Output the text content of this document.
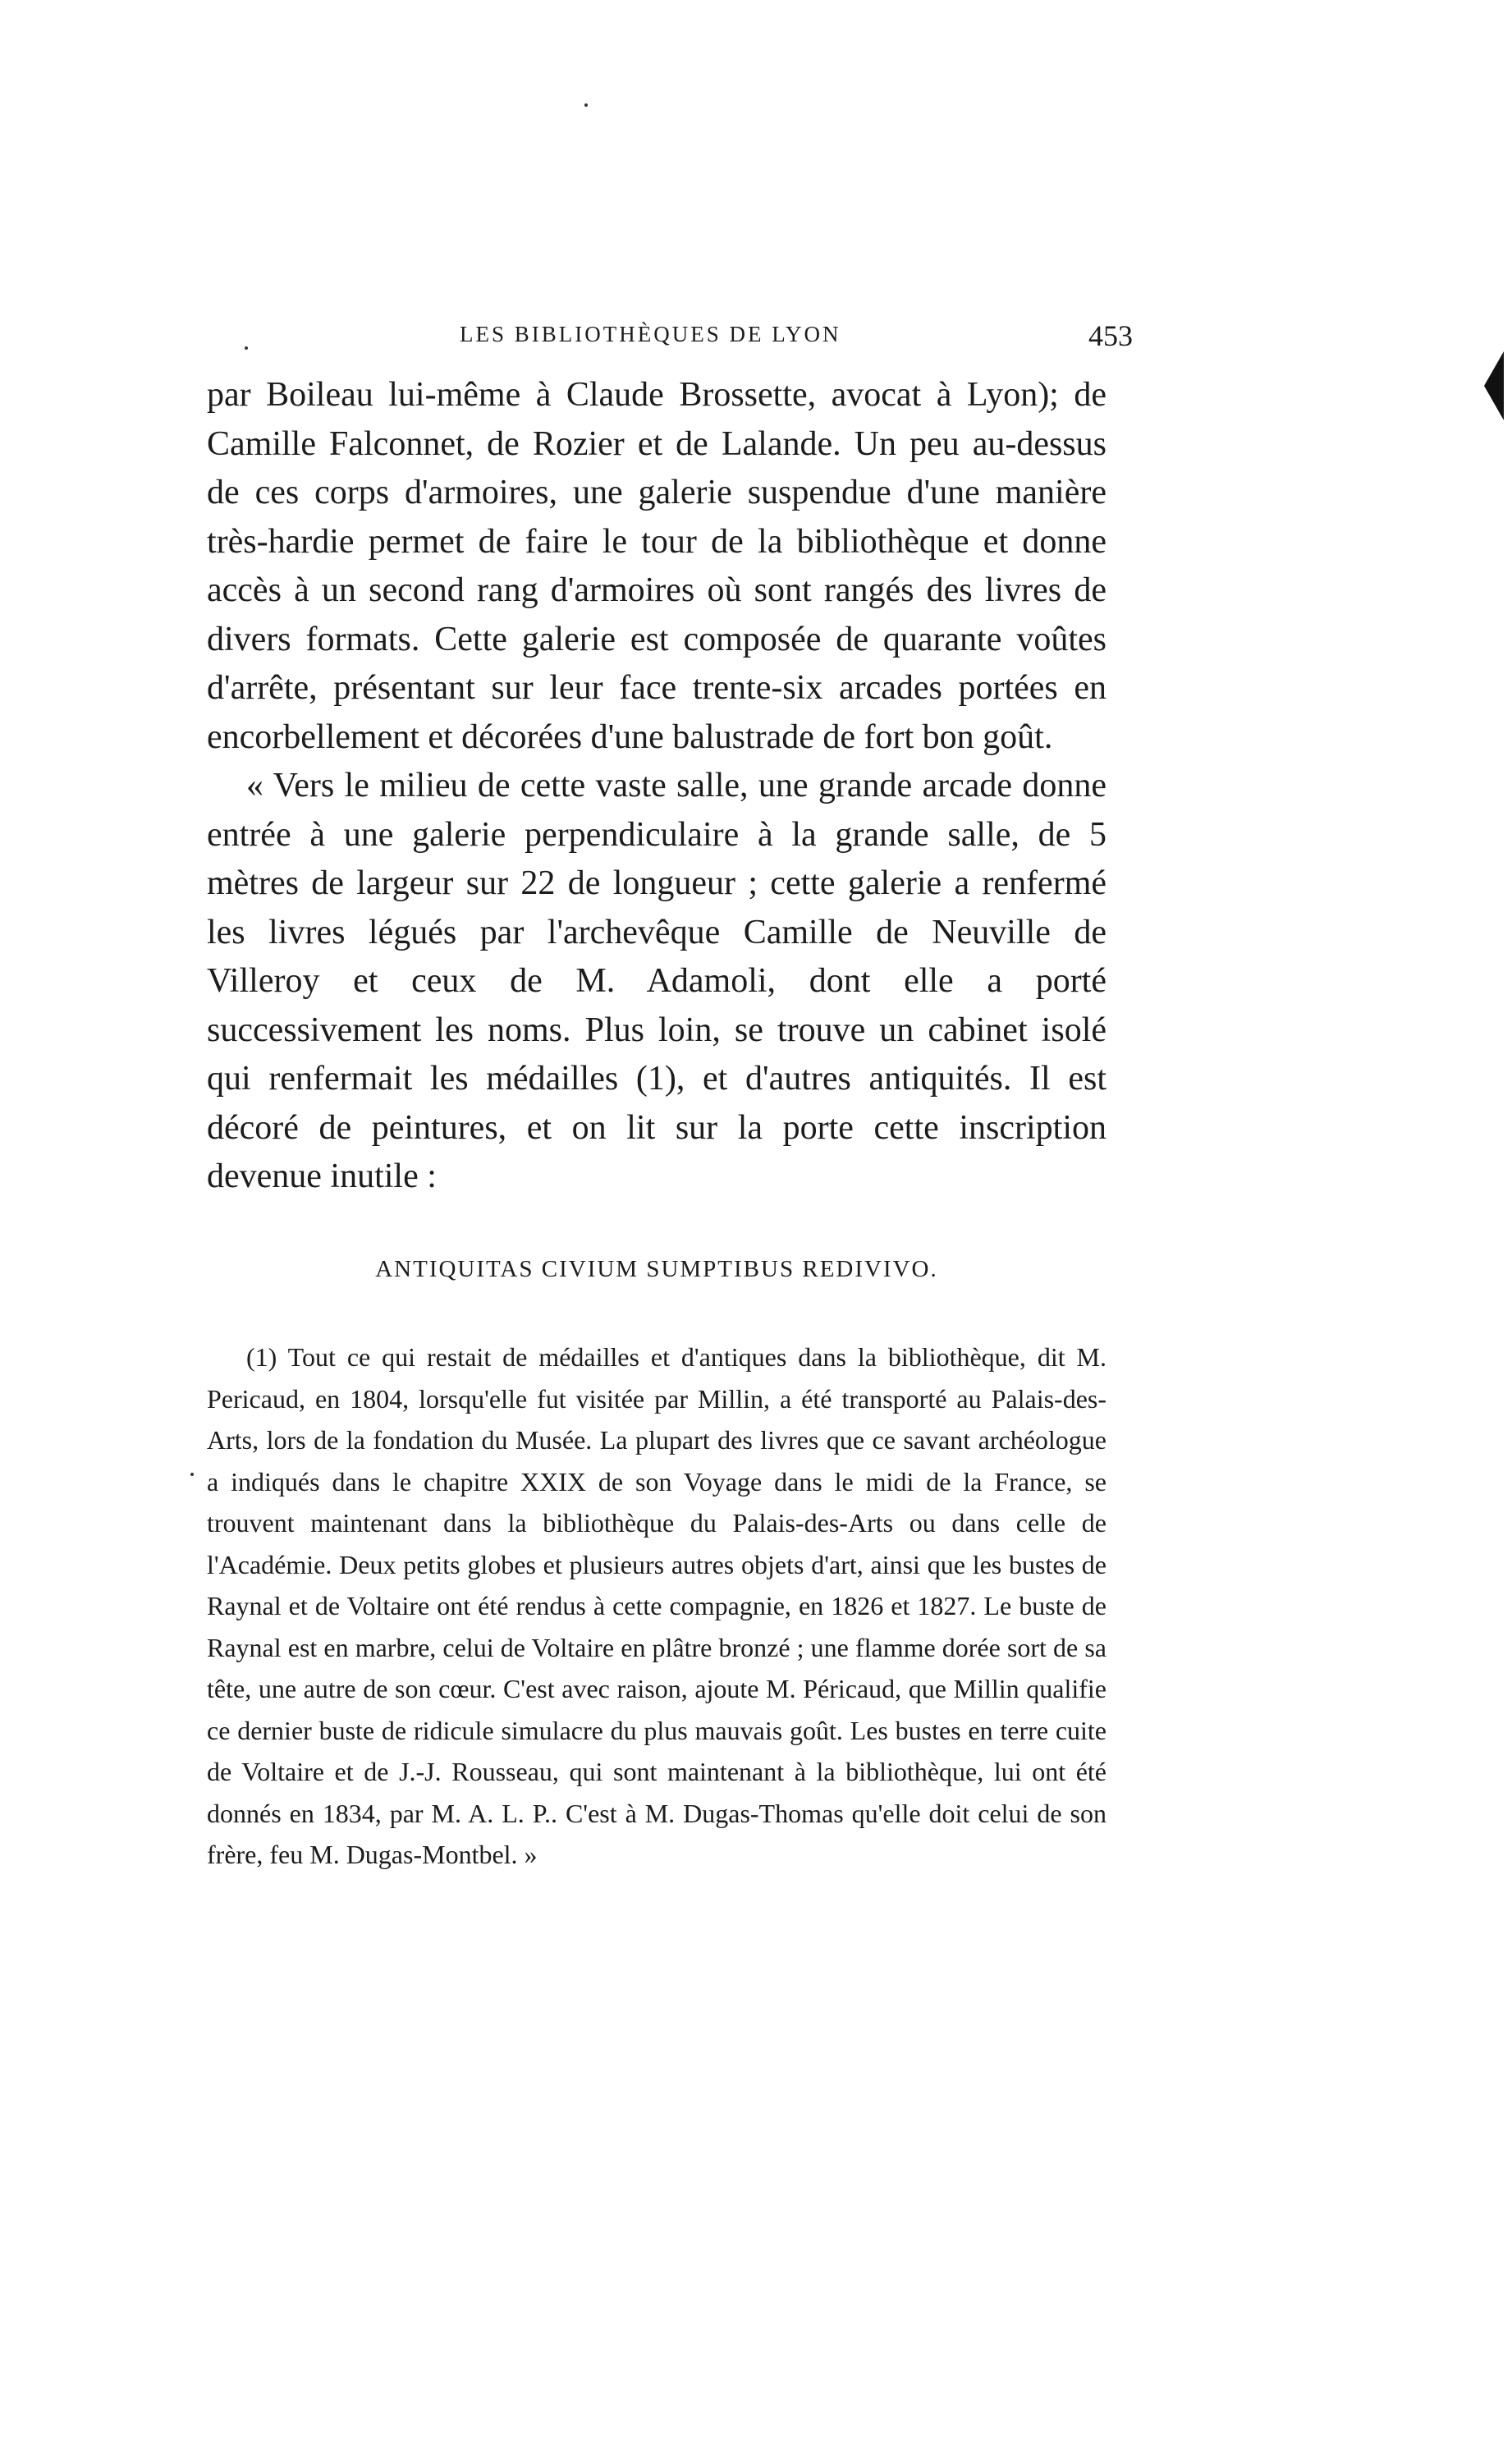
LES BIBLIOTHÈQUES DE LYON	453

par Boileau lui-même à Claude Brossette, avocat à Lyon); de Camille Falconnet, de Rozier et de Lalande. Un peu au-dessus de ces corps d'armoires, une galerie suspendue d'une manière très-hardie permet de faire le tour de la bibliothèque et donne accès à un second rang d'armoires où sont rangés des livres de divers formats. Cette galerie est composée de quarante voûtes d'arrête, présentant sur leur face trente-six arcades portées en encorbellement et décorées d'une balustrade de fort bon goût.

« Vers le milieu de cette vaste salle, une grande arcade donne entrée à une galerie perpendiculaire à la grande salle, de 5 mètres de largeur sur 22 de longueur ; cette galerie a renfermé les livres légués par l'archevêque Camille de Neuville de Villeroy et ceux de M. Adamoli, dont elle a porté successivement les noms. Plus loin, se trouve un cabinet isolé qui renfermait les médailles (1), et d'autres antiquités. Il est décoré de peintures, et on lit sur la porte cette inscription devenue inutile :

ANTIQUITAS CIVIUM SUMPTIBUS REDIVIVO.
(1) Tout ce qui restait de médailles et d'antiques dans la bibliothèque, dit M. Pericaud, en 1804, lorsqu'elle fut visitée par Millin, a été transporté au Palais-des-Arts, lors de la fondation du Musée. La plupart des livres que ce savant archéologue a indiqués dans le chapitre XXIX de son Voyage dans le midi de la France, se trouvent maintenant dans la bibliothèque du Palais-des-Arts ou dans celle de l'Académie. Deux petits globes et plusieurs autres objets d'art, ainsi que les bustes de Raynal et de Voltaire ont été rendus à cette compagnie, en 1826 et 1827. Le buste de Raynal est en marbre, celui de Voltaire en plâtre bronzé ; une flamme dorée sort de sa tête, une autre de son cœur. C'est avec raison, ajoute M. Péricaud, que Millin qualifie ce dernier buste de ridicule simulacre du plus mauvais goût. Les bustes en terre cuite de Voltaire et de J.-J. Rousseau, qui sont maintenant à la bibliothèque, lui ont été donnés en 1834, par M. A. L. P.. C'est à M. Dugas-Thomas qu'elle doit celui de son frère, feu M. Dugas-Montbel. »
